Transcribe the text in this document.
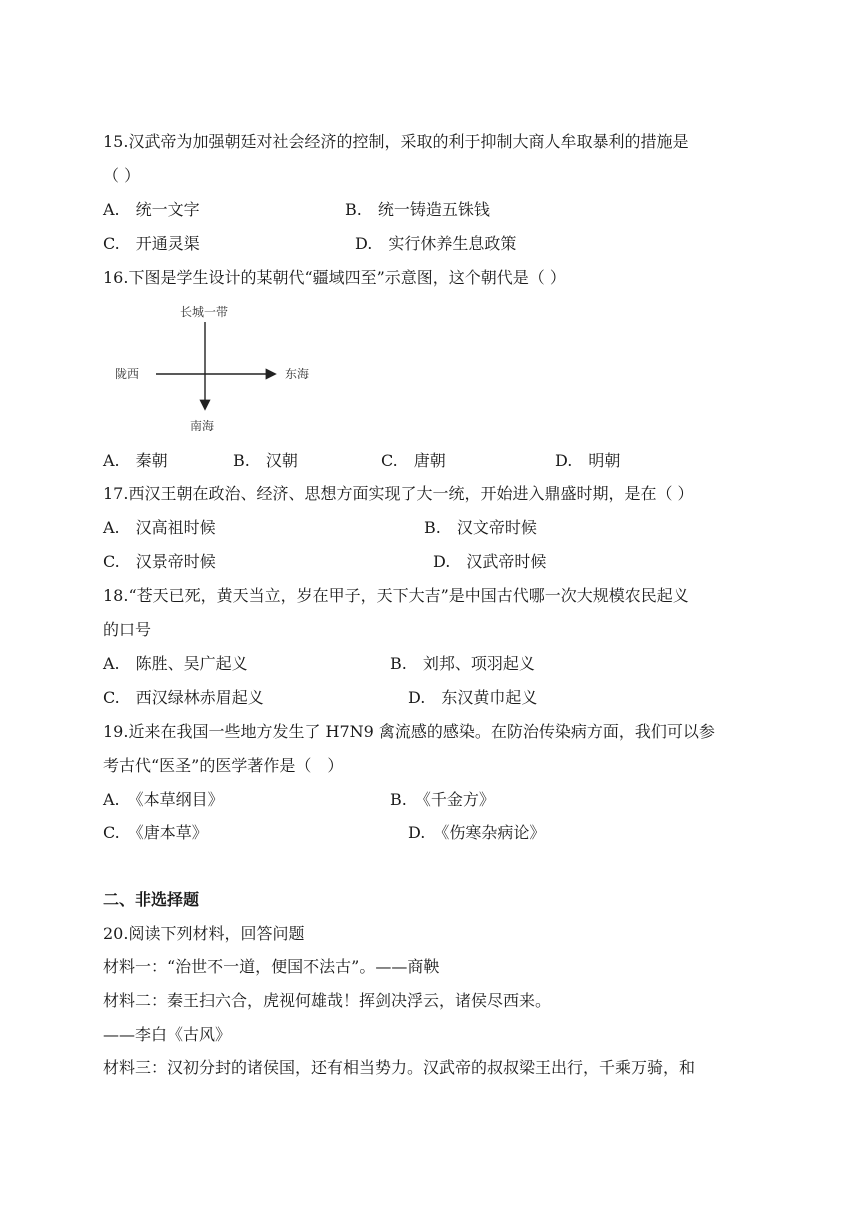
15.汉武帝为加强朝廷对社会经济的控制，采取的利于抑制大商人牟取暴利的措施是
（ ）
A.　统一文字	B.　统一铸造五铢钱
C.　开通灵渠	D.　实行休养生息政策
16.下图是学生设计的某朝代“疆域四至”示意图，这个朝代是（ ）
长城一带
陇西	东海
南海
A.　秦朝	B.　汉朝	C.　唐朝	D.　明朝
17.西汉王朝在政治、经济、思想方面实现了大一统，开始进入鼎盛时期，是在（ ）
A.　汉高祖时候	B.　汉文帝时候
C.　汉景帝时候	D.　汉武帝时候
18.“苍天已死，黄天当立，岁在甲子，天下大吉”是中国古代哪一次大规模农民起义
的口号
A.　陈胜、吴广起义	B.　刘邦、项羽起义
C.　西汉绿林赤眉起义	D.　东汉黄巾起义
19.近来在我国一些地方发生了 H7N9 禽流感的感染。在防治传染病方面，我们可以参
考古代“医圣”的医学著作是（　）
A.　《本草纲目》	B.　《千金方》
C.　《唐本草》	D.　《伤寒杂病论》
二、非选择题
20.阅读下列材料，回答问题
材料一：“治世不一道，便国不法古”。——商鞅
材料二：秦王扫六合，虎视何雄哉！挥剑决浮云，诸侯尽西来。
——李白《古风》
材料三：汉初分封的诸侯国，还有相当势力。汉武帝的叔叔梁王出行，千乘万骑，和
